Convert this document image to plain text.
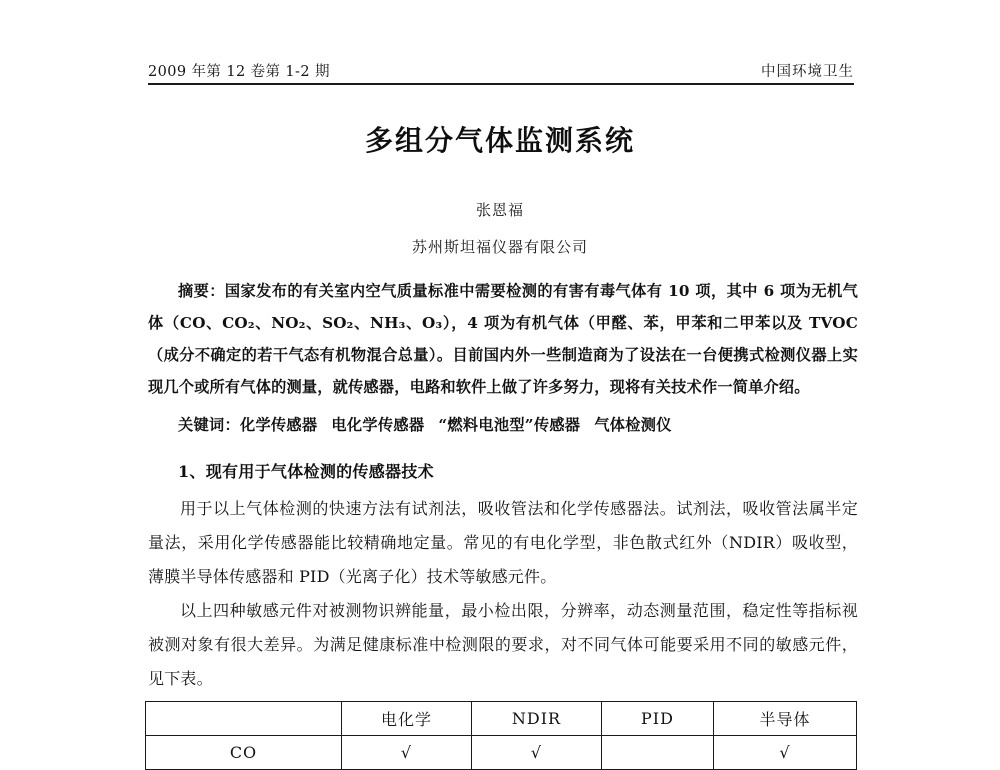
2009 年第 12 卷第 1-2 期	中国环境卫生
多组分气体监测系统
张恩福
苏州斯坦福仪器有限公司
摘要：国家发布的有关室内空气质量标准中需要检测的有害有毒气体有 10 项，其中 6 项为无机气体（CO、CO₂、NO₂、SO₂、NH₃、O₃），4 项为有机气体（甲醛、苯，甲苯和二甲苯以及 TVOC（成分不确定的若干气态有机物混合总量）。目前国内外一些制造商为了设法在一台便携式检测仪器上实现几个或所有气体的测量，就传感器，电路和软件上做了许多努力，现将有关技术作一简单介绍。
关键词：化学传感器 电化学传感器 “燃料电池型”传感器 气体检测仪
1、现有用于气体检测的传感器技术
用于以上气体检测的快速方法有试剂法，吸收管法和化学传感器法。试剂法，吸收管法属半定量法，采用化学传感器能比较精确地定量。常见的有电化学型，非色散式红外（NDIR）吸收型，薄膜半导体传感器和 PID（光离子化）技术等敏感元件。
以上四种敏感元件对被测物识辨能量，最小检出限，分辨率，动态测量范围，稳定性等指标视被测对象有很大差异。为满足健康标准中检测限的要求，对不同气体可能要采用不同的敏感元件，见下表。
	电化学	NDIR	PID	半导体
CO	√	√		√
